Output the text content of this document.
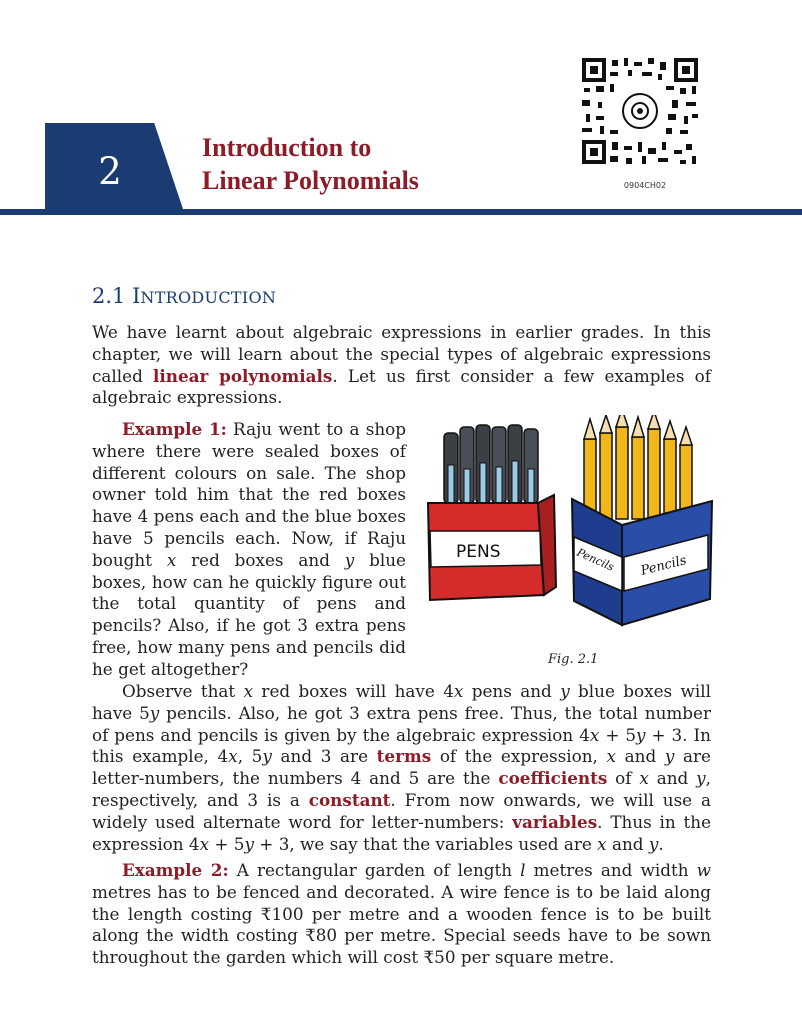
2
Introduction to
Linear Polynomials	0904CH02
2.1 INTRODUCTION
We have learnt about algebraic expressions in earlier grades. In this chapter, we will learn about the special types of algebraic expressions called linear polynomials. Let us first consider a few examples of algebraic expressions.
Example 1: Raju went to a shop where there were sealed boxes of different colours on sale. The shop owner told him that the red boxes have 4 pens each and the blue boxes have 5 pencils each. Now, if Raju bought x red boxes and y blue boxes, how can he quickly figure out the total quantity of pens and pencils? Also, if he got 3 extra pens free, how many pens and pencils did he get altogether?
PENS	Pencils Pencils
Fig. 2.1
Observe that x red boxes will have 4x pens and y blue boxes will have 5y pencils. Also, he got 3 extra pens free. Thus, the total number of pens and pencils is given by the algebraic expression 4x + 5y + 3. In this example, 4x, 5y and 3 are terms of the expression, x and y are letter-numbers, the numbers 4 and 5 are the coefficients of x and y, respectively, and 3 is a constant. From now onwards, we will use a widely used alternate word for letter-numbers: variables. Thus in the expression 4x + 5y + 3, we say that the variables used are x and y.
Example 2: A rectangular garden of length l metres and width w metres has to be fenced and decorated. A wire fence is to be laid along the length costing ₹100 per metre and a wooden fence is to be built along the width costing ₹80 per metre. Special seeds have to be sown throughout the garden which will cost ₹50 per square metre.
